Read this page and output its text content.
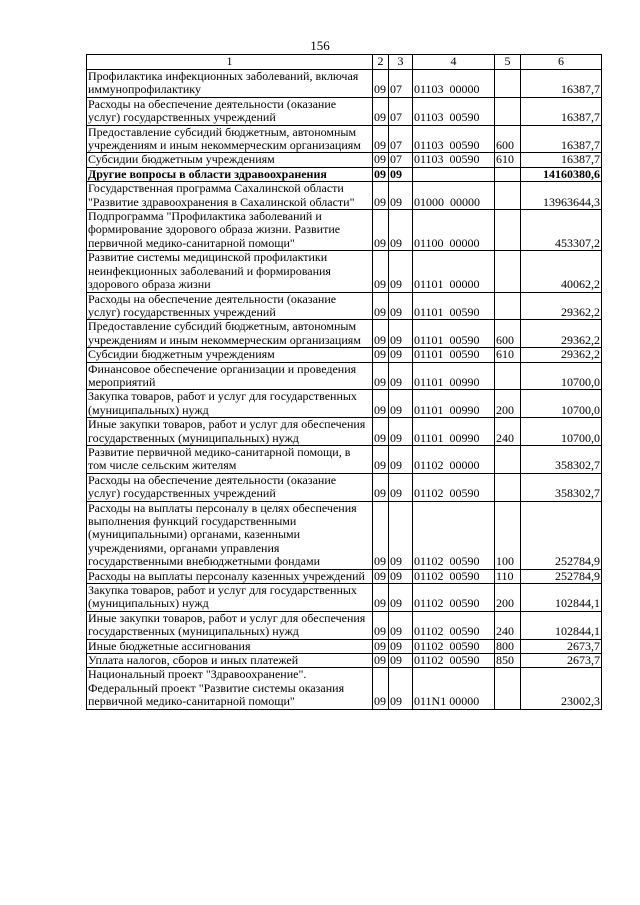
156
1	2	3	4	5	6
Профилактика инфекционных заболеваний, включая иммунопрофилактику	09	07	01103  00000		16387,7
Расходы на обеспечение деятельности (оказание услуг) государственных учреждений	09	07	01103  00590		16387,7
Предоставление субсидий бюджетным, автономным учреждениям и иным некоммерческим организациям	09	07	01103  00590	600	16387,7
Субсидии бюджетным учреждениям	09	07	01103  00590	610	16387,7
Другие вопросы в области здравоохранения	09	09			14160380,6
Государственная программа Сахалинской области "Развитие здравоохранения в Сахалинской области"	09	09	01000  00000		13963644,3
Подпрограмма "Профилактика заболеваний и формирование здорового образа жизни. Развитие первичной медико-санитарной помощи"	09	09	01100  00000		453307,2
Развитие системы медицинской профилактики неинфекционных заболеваний и формирования здорового образа жизни	09	09	01101  00000		40062,2
Расходы на обеспечение деятельности (оказание услуг) государственных учреждений	09	09	01101  00590		29362,2
Предоставление субсидий бюджетным, автономным учреждениям и иным некоммерческим организациям	09	09	01101  00590	600	29362,2
Субсидии бюджетным учреждениям	09	09	01101  00590	610	29362,2
Финансовое обеспечение организации и проведения мероприятий	09	09	01101  00990		10700,0
Закупка товаров, работ и услуг для государственных (муниципальных) нужд	09	09	01101  00990	200	10700,0
Иные закупки товаров, работ и услуг для обеспечения государственных (муниципальных) нужд	09	09	01101  00990	240	10700,0
Развитие первичной медико-санитарной помощи, в том числе сельским жителям	09	09	01102  00000		358302,7
Расходы на обеспечение деятельности (оказание услуг) государственных учреждений	09	09	01102  00590		358302,7
Расходы на выплаты персоналу в целях обеспечения выполнения функций государственными (муниципальными) органами, казенными учреждениями, органами управления государственными внебюджетными фондами	09	09	01102  00590	100	252784,9
Расходы на выплаты персоналу казенных учреждений	09	09	01102  00590	110	252784,9
Закупка товаров, работ и услуг для государственных (муниципальных) нужд	09	09	01102  00590	200	102844,1
Иные закупки товаров, работ и услуг для обеспечения государственных (муниципальных) нужд	09	09	01102  00590	240	102844,1
Иные бюджетные ассигнования	09	09	01102  00590	800	2673,7
Уплата налогов, сборов и иных платежей	09	09	01102  00590	850	2673,7
Национальный проект "Здравоохранение". Федеральный проект "Развитие системы оказания первичной медико-санитарной помощи"	09	09	011N1 00000		23002,3
